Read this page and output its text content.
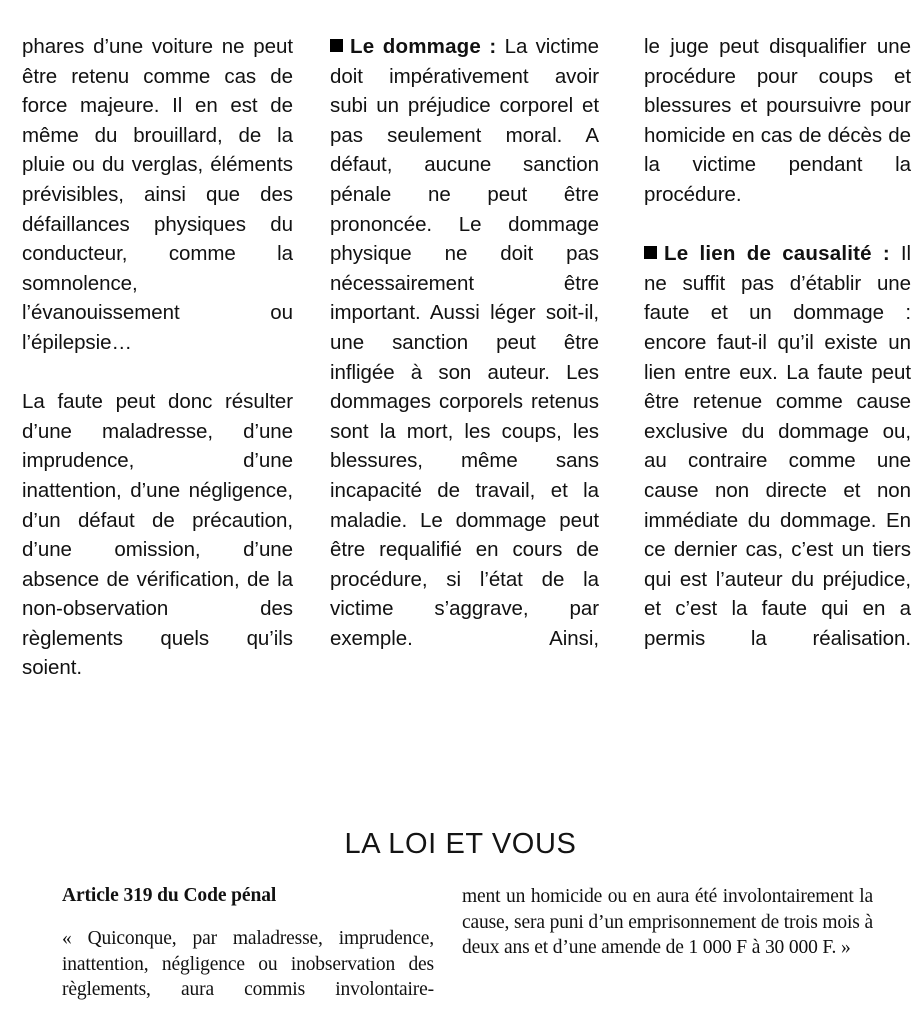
phares d’une voiture ne peut être retenu comme cas de force majeure. Il en est de même du brouillard, de la pluie ou du verglas, éléments prévisibles, ainsi que des défaillances physiques du conducteur, comme la somnolence, l’évanouissement ou l’épilepsie…

La faute peut donc résulter d’une maladresse, d’une imprudence, d’une inattention, d’une négligence, d’un défaut de précaution, d’une omission, d’une absence de vérification, de la non-observation des règlements quels qu’ils soient.

Le dommage : La victime doit impérativement avoir subi un préjudice corporel et pas seulement moral. A défaut, aucune sanction pénale ne peut être prononcée. Le dommage physique ne doit pas nécessairement être important. Aussi léger soit-il, une sanction peut être infligée à son auteur. Les dommages corporels retenus sont la mort, les coups, les blessures, même sans incapacité de travail, et la maladie. Le dommage peut être requalifié en cours de procédure, si l’état de la victime s’aggrave, par exemple. Ainsi,

le juge peut disqualifier une procédure pour coups et blessures et poursuivre pour homicide en cas de décès de la victime pendant la procédure.

Le lien de causalité : Il ne suffit pas d’établir une faute et un dommage : encore faut-il qu’il existe un lien entre eux. La faute peut être retenue comme cause exclusive du dommage ou, au contraire comme une cause non directe et non immédiate du dommage. En ce dernier cas, c’est un tiers qui est l’auteur du préjudice, et c’est la faute qui en a permis la réalisation.

LA LOI ET VOUS
Article 319 du Code pénal

« Quiconque, par maladresse, imprudence, inattention, négligence ou inobservation des règlements, aura commis involontaire-

ment un homicide ou en aura été involontairement la cause, sera puni d’un emprisonnement de trois mois à deux ans et d’une amende de 1 000 F à 30 000 F. »
